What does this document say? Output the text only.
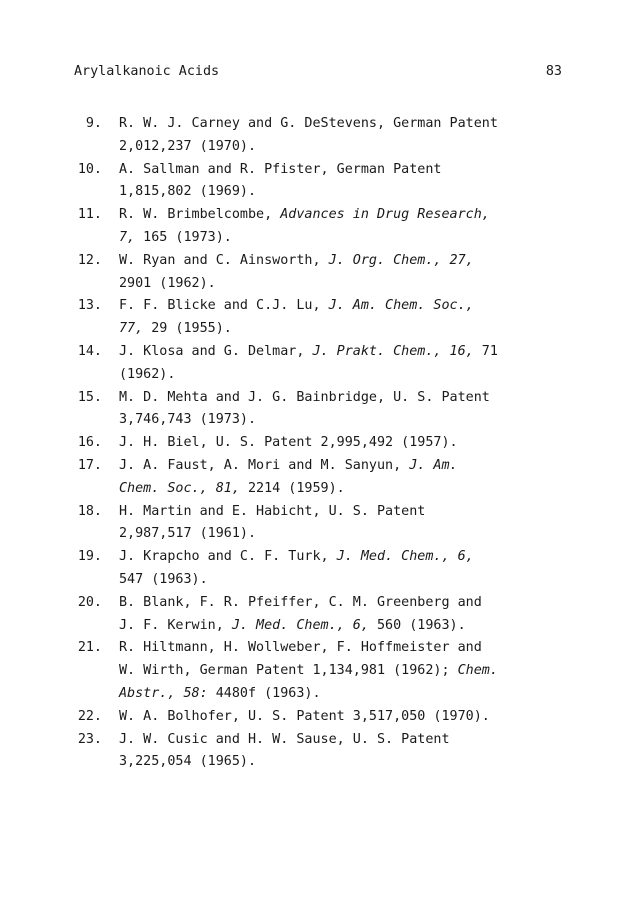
Arylalkanoic Acids	83
9. R. W. J. Carney and G. DeStevens, German Patent
2,012,237 (1970).
10. A. Sallman and R. Pfister, German Patent
1,815,802 (1969).
11. R. W. Brimbelcombe, Advances in Drug Research,
7, 165 (1973).
12. W. Ryan and C. Ainsworth, J. Org. Chem., 27,
2901 (1962).
13. F. F. Blicke and C.J. Lu, J. Am. Chem. Soc.,
77, 29 (1955).
14. J. Klosa and G. Delmar, J. Prakt. Chem., 16, 71
(1962).
15. M. D. Mehta and J. G. Bainbridge, U. S. Patent
3,746,743 (1973).
16. J. H. Biel, U. S. Patent 2,995,492 (1957).
17. J. A. Faust, A. Mori and M. Sanyun, J. Am.
Chem. Soc., 81, 2214 (1959).
18. H. Martin and E. Habicht, U. S. Patent
2,987,517 (1961).
19. J. Krapcho and C. F. Turk, J. Med. Chem., 6,
547 (1963).
20. B. Blank, F. R. Pfeiffer, C. M. Greenberg and
J. F. Kerwin, J. Med. Chem., 6, 560 (1963).
21. R. Hiltmann, H. Wollweber, F. Hoffmeister and
W. Wirth, German Patent 1,134,981 (1962); Chem.
Abstr., 58: 4480f (1963).
22. W. A. Bolhofer, U. S. Patent 3,517,050 (1970).
23. J. W. Cusic and H. W. Sause, U. S. Patent
3,225,054 (1965).
